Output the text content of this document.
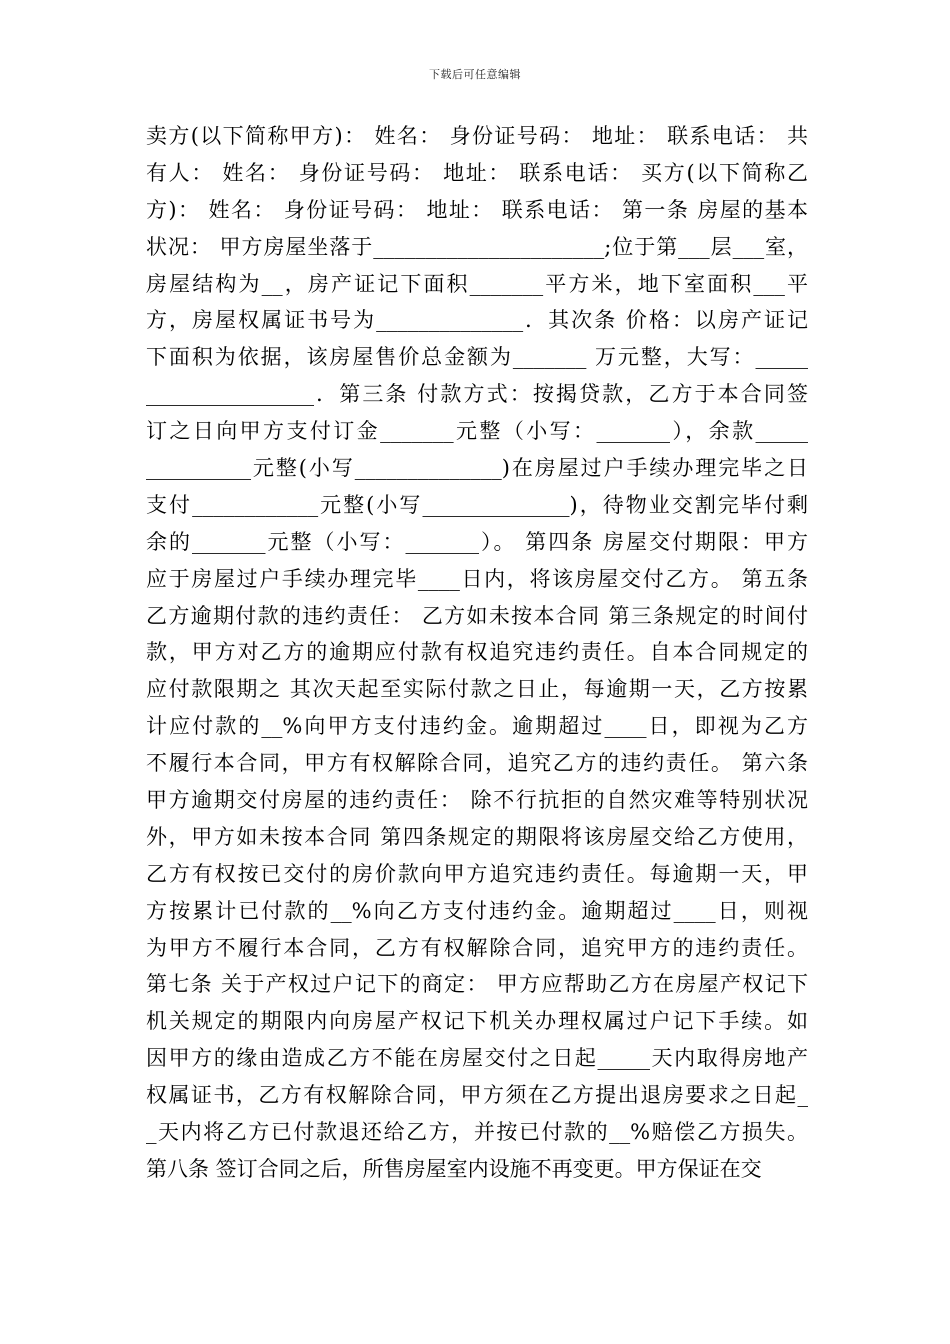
下载后可任意编辑
卖方(以下简称甲方)： 姓名： 身份证号码： 地址： 联系电话： 共
有人： 姓名： 身份证号码： 地址： 联系电话： 买方(以下简称乙
方)： 姓名： 身份证号码： 地址： 联系电话： 第一条 房屋的基本
状况： 甲方房屋坐落于______________________;位于第___层___室，
房屋结构为__，房产证记下面积_______平方米，地下室面积___平
方，房屋权属证书号为______________．其次条 价格：以房产证记
下面积为依据，该房屋售价总金额为_______ 万元整，大写：_____
________________．第三条 付款方式：按揭贷款，乙方于本合同签
订之日向甲方支付订金_______元整（小写：_______），余款_____
__________元整(小写______________)在房屋过户手续办理完毕之日
支付____________元整(小写______________)，待物业交割完毕付剩
余的_______元整（小写：_______）。 第四条 房屋交付期限：甲方
应于房屋过户手续办理完毕____日内，将该房屋交付乙方。 第五条
乙方逾期付款的违约责任： 乙方如未按本合同 第三条规定的时间付
款，甲方对乙方的逾期应付款有权追究违约责任。自本合同规定的
应付款限期之 其次天起至实际付款之日止，每逾期一天，乙方按累
计应付款的__%向甲方支付违约金。逾期超过____日，即视为乙方
不履行本合同，甲方有权解除合同，追究乙方的违约责任。 第六条
甲方逾期交付房屋的违约责任： 除不行抗拒的自然灾难等特别状况
外，甲方如未按本合同 第四条规定的期限将该房屋交给乙方使用，
乙方有权按已交付的房价款向甲方追究违约责任。每逾期一天，甲
方按累计已付款的__%向乙方支付违约金。逾期超过____日，则视
为甲方不履行本合同，乙方有权解除合同，追究甲方的违约责任。
第七条 关于产权过户记下的商定： 甲方应帮助乙方在房屋产权记下
机关规定的期限内向房屋产权记下机关办理权属过户记下手续。如
因甲方的缘由造成乙方不能在房屋交付之日起_____天内取得房地产
权属证书，乙方有权解除合同，甲方须在乙方提出退房要求之日起_
_天内将乙方已付款退还给乙方，并按已付款的__%赔偿乙方损失。
第八条 签订合同之后，所售房屋室内设施不再变更。甲方保证在交
